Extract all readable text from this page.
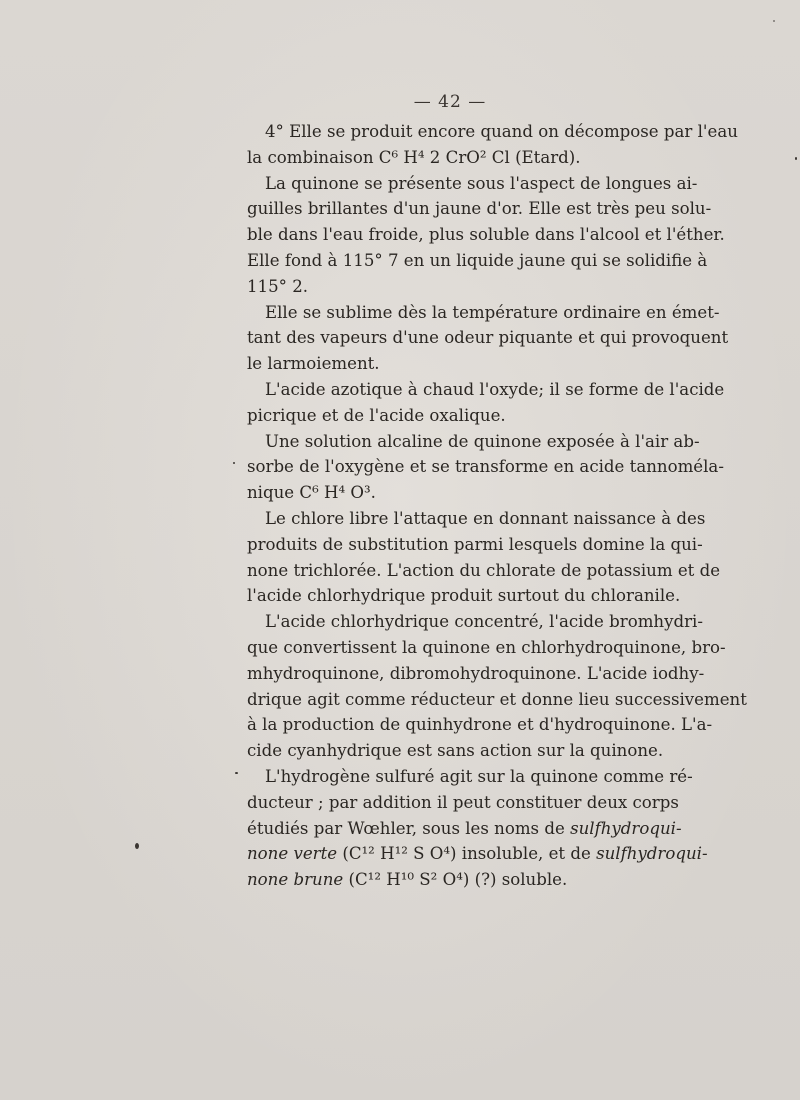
— 42 —
4° Elle se produit encore quand on décompose par l'eau
la combinaison C⁶ H⁴ 2 CrO² Cl (Etard).
La quinone se présente sous l'aspect de longues ai-
guilles brillantes d'un jaune d'or. Elle est très peu solu-
ble dans l'eau froide, plus soluble dans l'alcool et l'éther.
Elle fond à 115° 7 en un liquide jaune qui se solidifie à
115° 2.
Elle se sublime dès la température ordinaire en émet-
tant des vapeurs d'une odeur piquante et qui provoquent
le larmoiement.
L'acide azotique à chaud l'oxyde; il se forme de l'acide
picrique et de l'acide oxalique.
Une solution alcaline de quinone exposée à l'air ab-
sorbe de l'oxygène et se transforme en acide tannoméla-
nique C⁶ H⁴ O³.
Le chlore libre l'attaque en donnant naissance à des
produits de substitution parmi lesquels domine la qui-
none trichlorée. L'action du chlorate de potassium et de
l'acide chlorhydrique produit surtout du chloranile.
L'acide chlorhydrique concentré, l'acide bromhydri-
que convertissent la quinone en chlorhydroquinone, bro-
mhydroquinone, dibromohydroquinone. L'acide iodhy-
drique agit comme réducteur et donne lieu successivement
à la production de quinhydrone et d'hydroquinone. L'a-
cide cyanhydrique est sans action sur la quinone.
L'hydrogène sulfuré agit sur la quinone comme ré-
ducteur ; par addition il peut constituer deux corps
étudiés par Wœhler, sous les noms de sulfhydroqui-
none verte (C¹² H¹² S O⁴) insoluble, et de sulfhydroqui-
none brune (C¹² H¹⁰ S² O⁴) (?) soluble.
